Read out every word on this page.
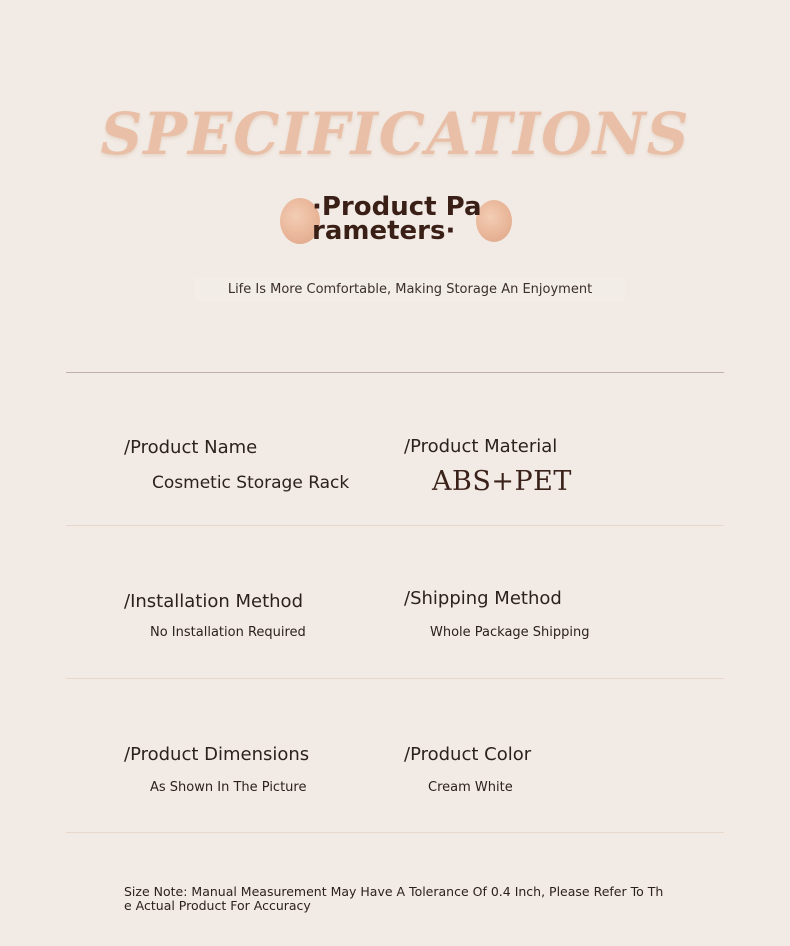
SPECIFICATIONS
·Product Parameters·
Life Is More Comfortable, Making Storage An Enjoyment
/Product Name
Cosmetic Storage Rack
/Product Material
ABS+PET
/Installation Method
No Installation Required
/Shipping Method
Whole Package Shipping
/Product Dimensions
As Shown In The Picture
/Product Color
Cream White

Size Note: Manual Measurement May Have A Tolerance Of 0.4 Inch, Please Refer To The Actual Product For Accuracy
